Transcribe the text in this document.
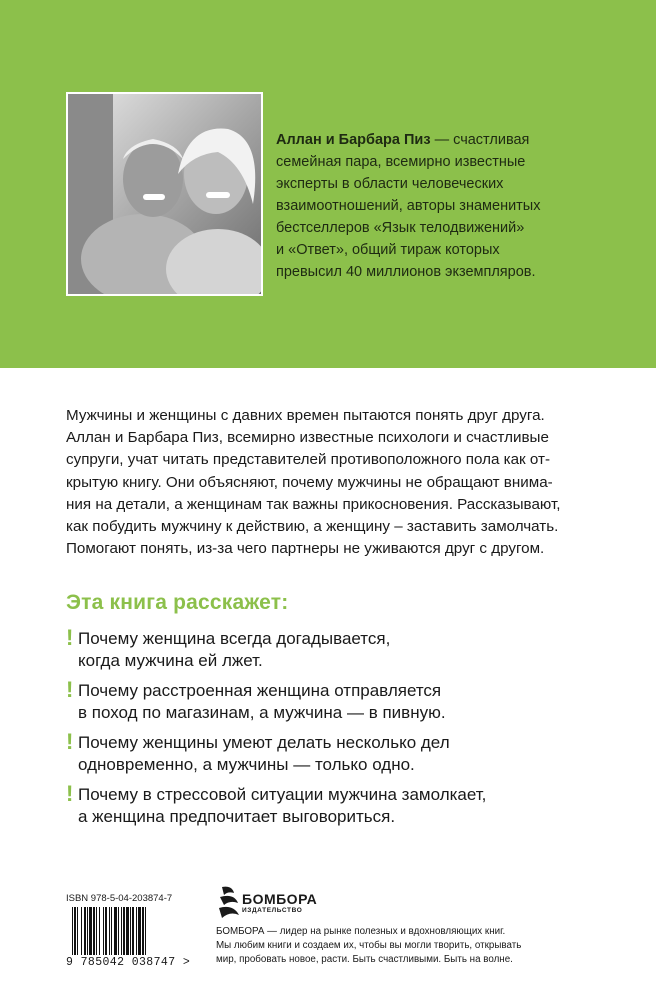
Аллан и Барбара Пиз — счастливая
семейная пара, всемирно известные
эксперты в области человеческих
взаимоотношений, авторы знаменитых
бестселлеров «Язык телодвижений»
и «Ответ», общий тираж которых
превысил 40 миллионов экземпляров.

Мужчины и женщины с давних времен пытаются понять друг друга.
Аллан и Барбара Пиз, всемирно известные психологи и счастливые
супруги, учат читать представителей противоположного пола как от-
крытую книгу. Они объясняют, почему мужчины не обращают внима-
ния на детали, а женщинам так важны прикосновения. Рассказывают,
как побудить мужчину к действию, а женщину – заставить замолчать.
Помогают понять, из-за чего партнеры не уживаются друг с другом.

Эта книга расскажет:
! Почему женщина всегда догадывается,
когда мужчина ей лжет.
! Почему расстроенная женщина отправляется
в поход по магазинам, а мужчина — в пивную.
! Почему женщины умеют делать несколько дел
одновременно, а мужчины — только одно.
! Почему в стрессовой ситуации мужчина замолкает,
а женщина предпочитает выговориться.
ISBN 978-5-04-203874-7
9 785042 038747 >
БОМБОРА
ИЗДАТЕЛЬСТВО

БОМБОРА — лидер на рынке полезных и вдохновляющих книг.
Мы любим книги и создаем их, чтобы вы могли творить, открывать
мир, пробовать новое, расти. Быть счастливыми. Быть на волне.
